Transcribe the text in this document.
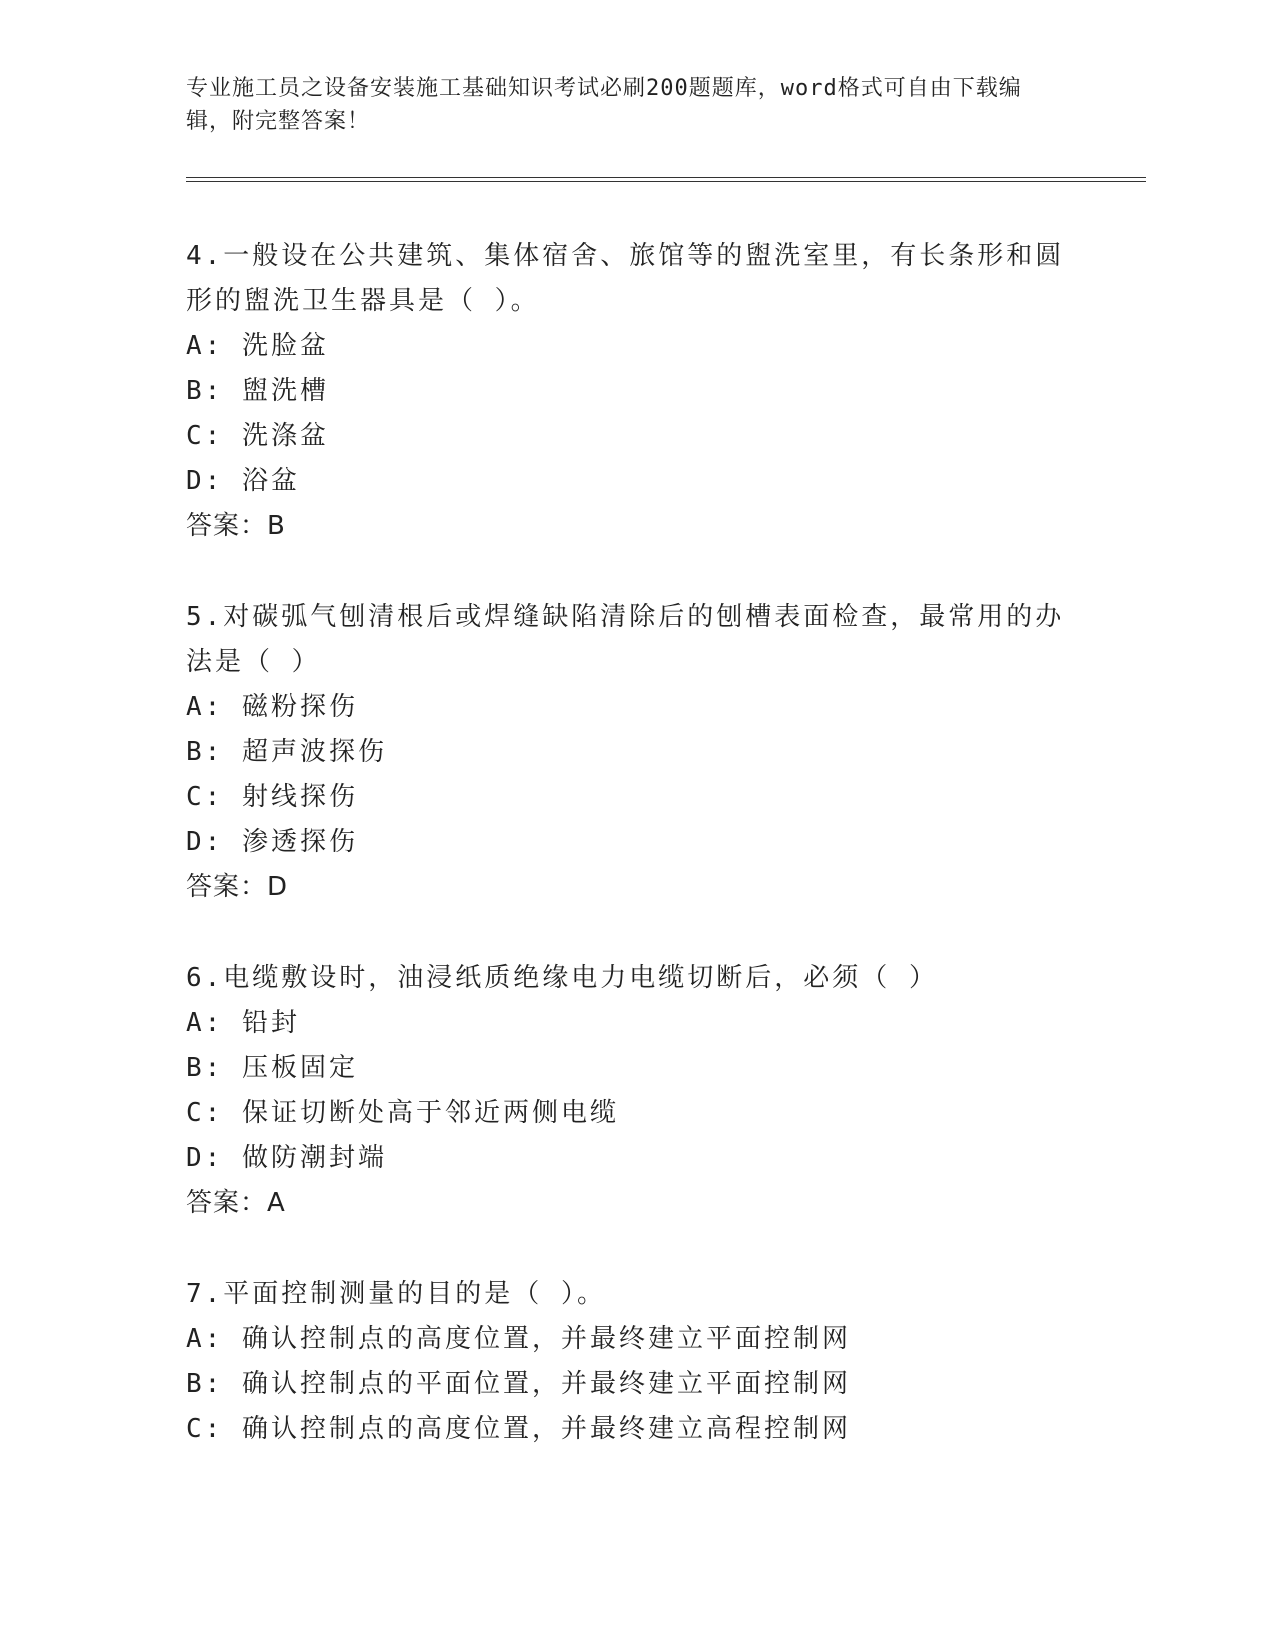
专业施工员之设备安装施工基础知识考试必刷200题题库，word格式可自由下载编辑，附完整答案！

4.一般设在公共建筑、集体宿舍、旅馆等的盥洗室里，有长条形和圆形的盥洗卫生器具是（ ）。

A: 洗脸盆

B: 盥洗槽

C: 洗涤盆

D: 浴盆

答案：B

5.对碳弧气刨清根后或焊缝缺陷清除后的刨槽表面检查，最常用的办法是（ ）

A: 磁粉探伤

B: 超声波探伤

C: 射线探伤

D: 渗透探伤

答案：D

6.电缆敷设时，油浸纸质绝缘电力电缆切断后，必须（ ）

A: 铅封

B: 压板固定

C: 保证切断处高于邻近两侧电缆

D: 做防潮封端

答案：A

7.平面控制测量的目的是（ ）。

A: 确认控制点的高度位置，并最终建立平面控制网

B: 确认控制点的平面位置，并最终建立平面控制网

C: 确认控制点的高度位置，并最终建立高程控制网
